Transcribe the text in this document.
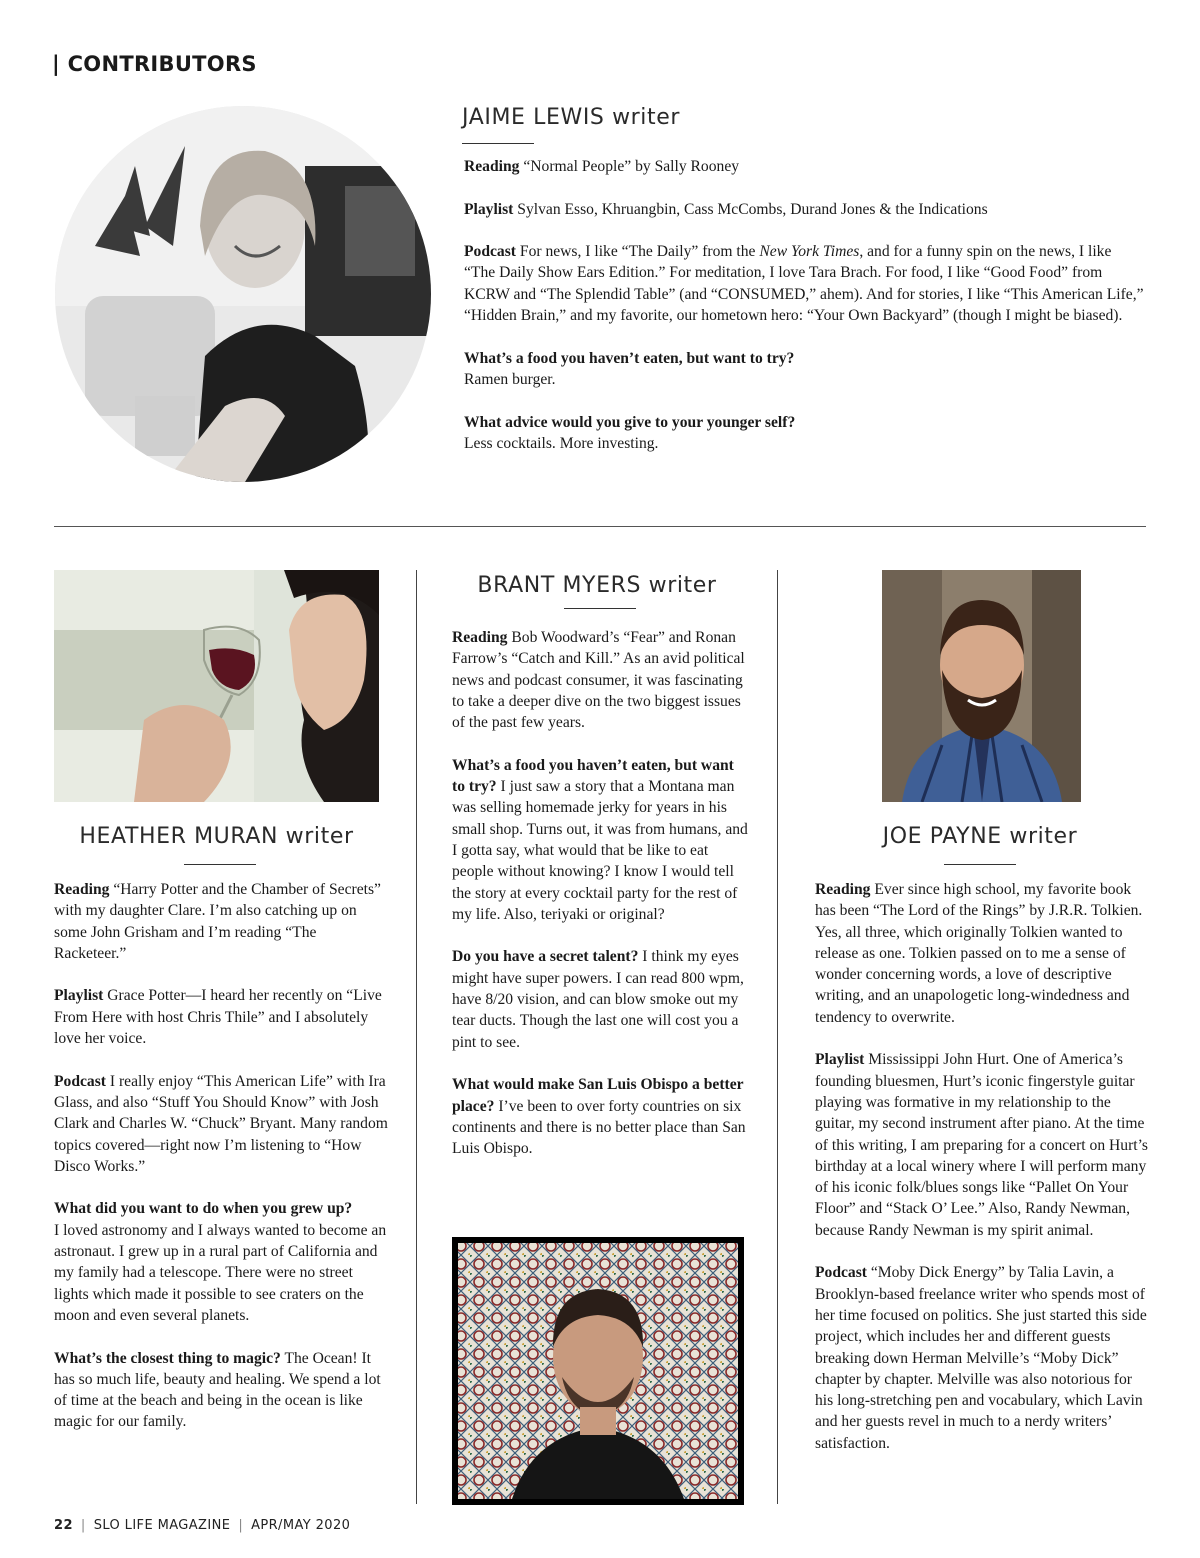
| CONTRIBUTORS
JAIME LEWIS writer

Reading “Normal People” by Sally Rooney

Playlist Sylvan Esso, Khruangbin, Cass McCombs, Durand Jones & the Indications

Podcast For news, I like “The Daily” from the New York Times, and for a funny spin on the news, I like “The Daily Show Ears Edition.” For meditation, I love Tara Brach. For food, I like “Good Food” from KCRW and “The Splendid Table” (and “CONSUMED,” ahem). And for stories, I like “This American Life,” “Hidden Brain,” and my favorite, our hometown hero: “Your Own Backyard” (though I might be biased).

What’s a food you haven’t eaten, but want to try?
Ramen burger.

What advice would you give to your younger self?
Less cocktails. More investing.

HEATHER MURAN writer

Reading “Harry Potter and the Chamber of Secrets” with my daughter Clare. I’m also catching up on some John Grisham and I’m reading “The Racketeer.”

Playlist Grace Potter—I heard her recently on “Live From Here with host Chris Thile” and I absolutely love her voice.

Podcast I really enjoy “This American Life” with Ira Glass, and also “Stuff You Should Know” with Josh Clark and Charles W. “Chuck” Bryant. Many random topics covered—right now I’m listening to “How Disco Works.”

What did you want to do when you grew up?
I loved astronomy and I always wanted to become an astronaut. I grew up in a rural part of California and my family had a telescope. There were no street lights which made it possible to see craters on the moon and even several planets.

What’s the closest thing to magic? The Ocean! It has so much life, beauty and healing. We spend a lot of time at the beach and being in the ocean is like magic for our family.

BRANT MYERS writer

Reading Bob Woodward’s “Fear” and Ronan Farrow’s “Catch and Kill.” As an avid political news and podcast consumer, it was fascinating to take a deeper dive on the two biggest issues of the past few years.

What’s a food you haven’t eaten, but want to try? I just saw a story that a Montana man was selling homemade jerky for years in his small shop. Turns out, it was from humans, and I gotta say, what would that be like to eat people without knowing? I know I would tell the story at every cocktail party for the rest of my life. Also, teriyaki or original?

Do you have a secret talent? I think my eyes might have super powers. I can read 800 wpm, have 8/20 vision, and can blow smoke out my tear ducts. Though the last one will cost you a pint to see.

What would make San Luis Obispo a better place? I’ve been to over forty countries on six continents and there is no better place than San Luis Obispo.

JOE PAYNE writer

Reading Ever since high school, my favorite book has been “The Lord of the Rings” by J.R.R. Tolkien. Yes, all three, which originally Tolkien wanted to release as one. Tolkien passed on to me a sense of wonder concerning words, a love of descriptive writing, and an unapologetic long-windedness and tendency to overwrite.

Playlist Mississippi John Hurt. One of America’s founding bluesmen, Hurt’s iconic fingerstyle guitar playing was formative in my relationship to the guitar, my second instrument after piano. At the time of this writing, I am preparing for a concert on Hurt’s birthday at a local winery where I will perform many of his iconic folk/blues songs like “Pallet On Your Floor” and “Stack O’ Lee.” Also, Randy Newman, because Randy Newman is my spirit animal.

Podcast “Moby Dick Energy” by Talia Lavin, a Brooklyn-based freelance writer who spends most of her time focused on politics. She just started this side project, which includes her and different guests breaking down Herman Melville’s “Moby Dick” chapter by chapter. Melville was also notorious for his long-stretching pen and vocabulary, which Lavin and her guests revel in much to a nerdy writers’ satisfaction.

22 | SLO LIFE MAGAZINE | APR/MAY 2020
